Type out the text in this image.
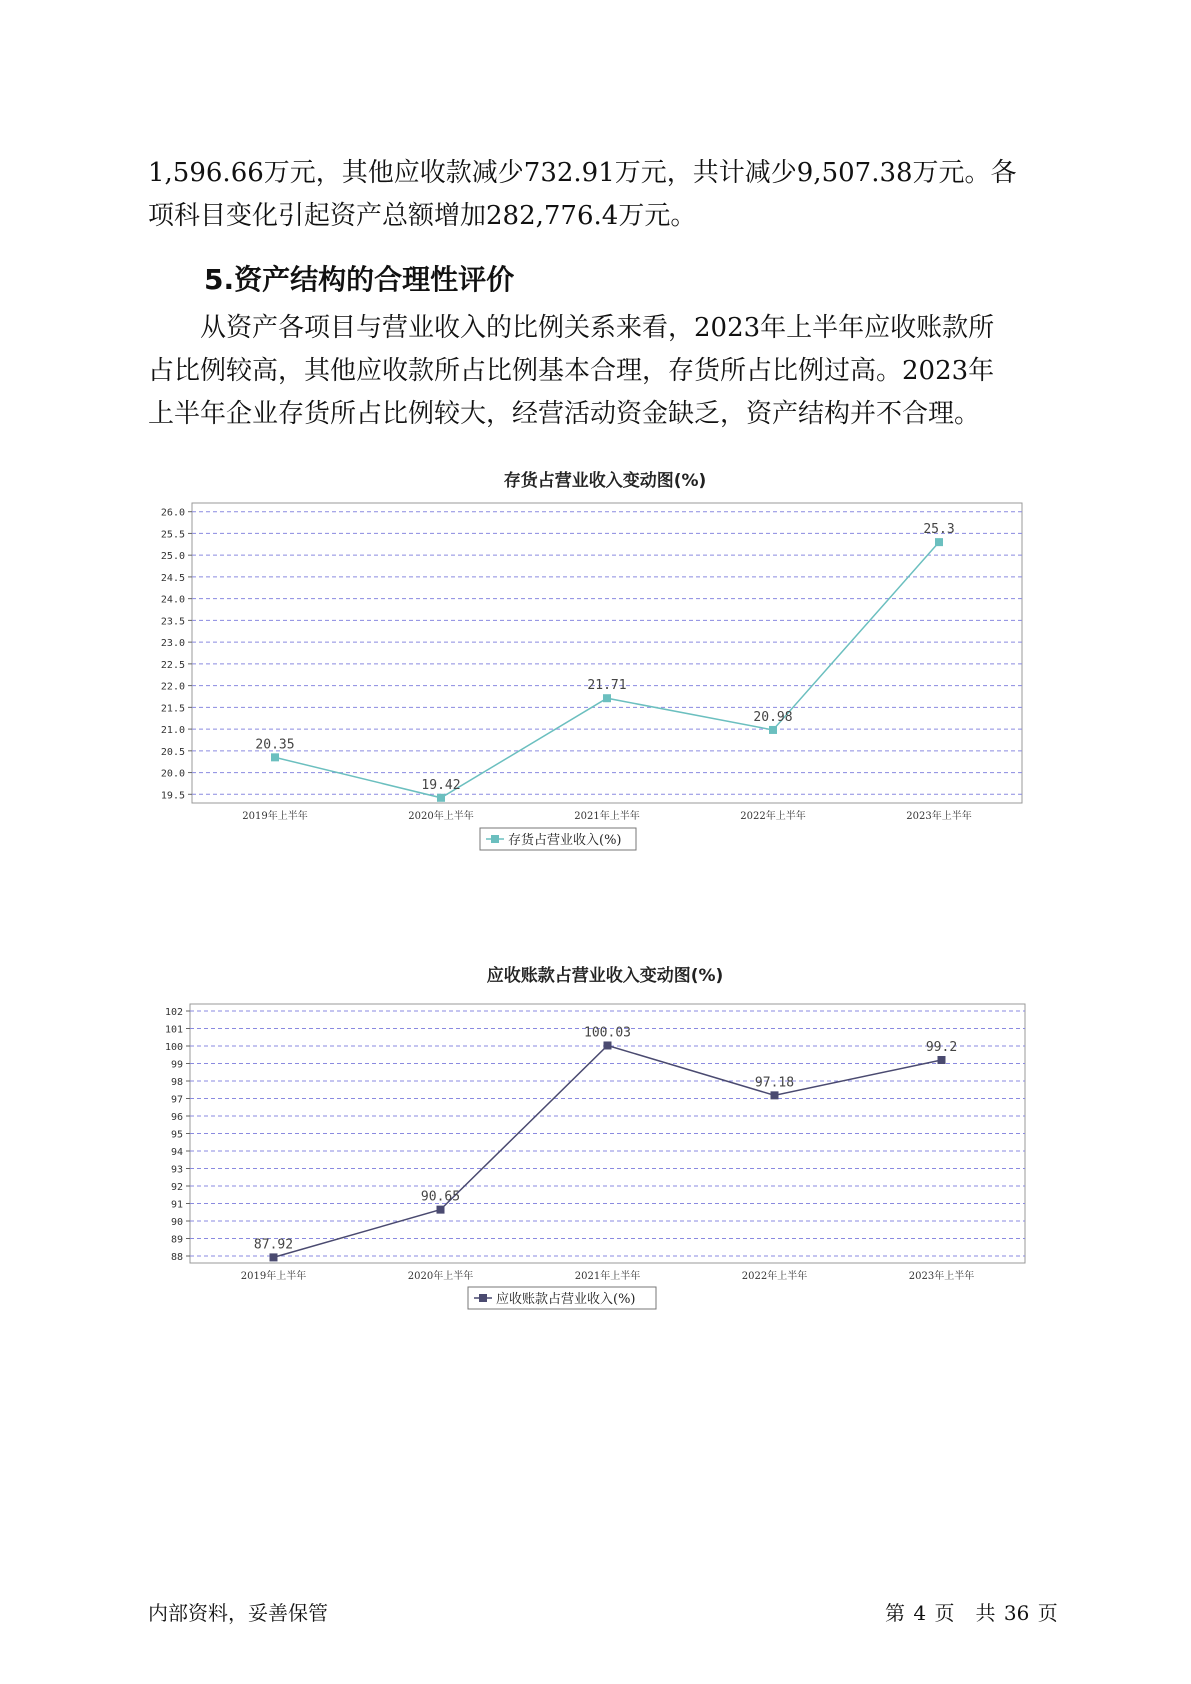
1,596.66万元，其他应收款减少732.91万元，共计减少9,507.38万元。各
项科目变化引起资产总额增加282,776.4万元。

5.资产结构的合理性评价

从资产各项目与营业收入的比例关系来看，2023年上半年应收账款所
占比例较高，其他应收款所占比例基本合理，存货所占比例过高。2023年
上半年企业存货所占比例较大，经营活动资金缺乏，资产结构并不合理。

存货占营业收入变动图(%)
19.5
20.0
20.5
21.0
21.5
22.0
22.5
23.0
23.5
24.0
24.5
25.0
25.5
26.0
2019年上半年	2020年上半年	2021年上半年	2022年上半年	2023年上半年
20.35
19.42
21.71
20.98
25.3
存货占营业收入(%)
应收账款占营业收入变动图(%)
88
89
90
91
92
93
94
95
96
97
98
99
100
101
102
2019年上半年	2020年上半年	2021年上半年	2022年上半年	2023年上半年
87.92
90.65
100.03
97.18
99.2
应收账款占营业收入(%)
内部资料，妥善保管	第 4 页 共 36 页
